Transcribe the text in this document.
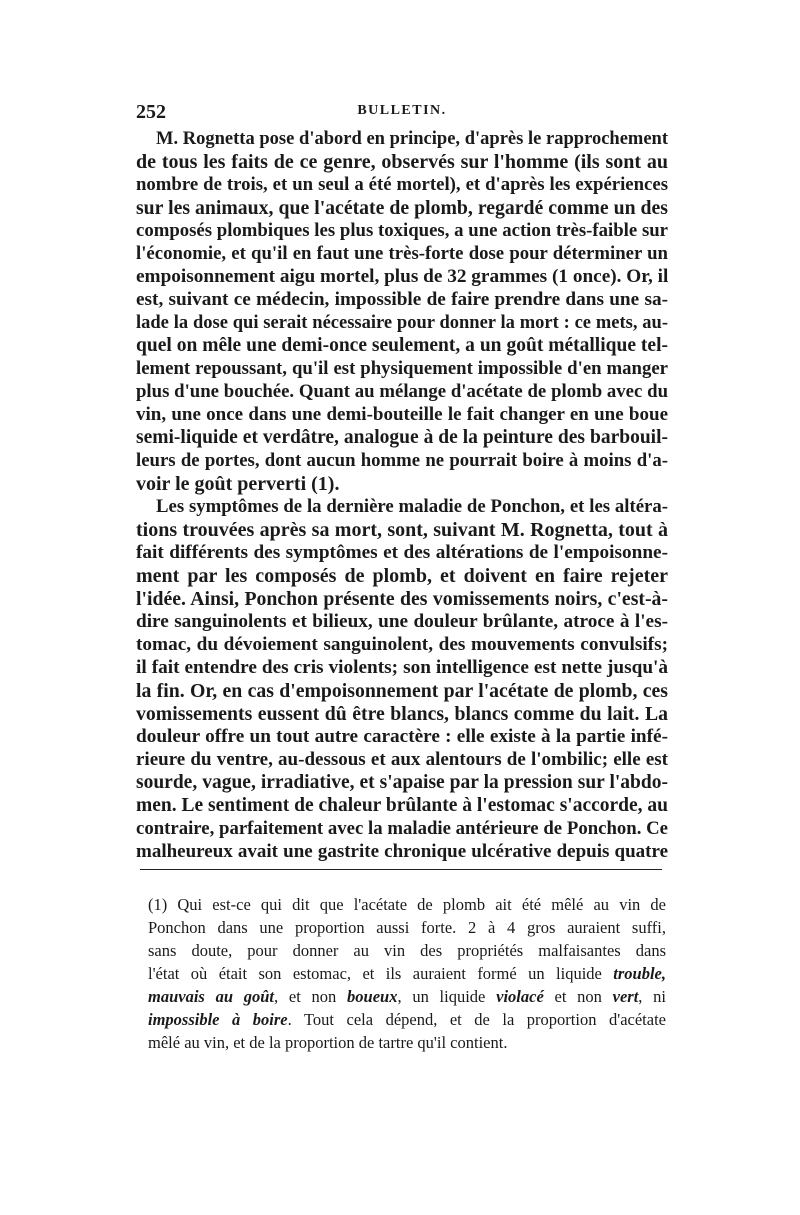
252	BULLETIN.
M. Rognetta pose d'abord en principe, d'après le rapprochement
de tous les faits de ce genre, observés sur l'homme (ils sont au
nombre de trois, et un seul a été mortel), et d'après les expériences
sur les animaux, que l'acétate de plomb, regardé comme un des
composés plombiques les plus toxiques, a une action très-faible sur
l'économie, et qu'il en faut une très-forte dose pour déterminer un
empoisonnement aigu mortel, plus de 32 grammes (1 once). Or, il
est, suivant ce médecin, impossible de faire prendre dans une sa-
lade la dose qui serait nécessaire pour donner la mort : ce mets, au-
quel on mêle une demi-once seulement, a un goût métallique tel-
lement repoussant, qu'il est physiquement impossible d'en manger
plus d'une bouchée. Quant au mélange d'acétate de plomb avec du
vin, une once dans une demi-bouteille le fait changer en une boue
semi-liquide et verdâtre, analogue à de la peinture des barbouil-
leurs de portes, dont aucun homme ne pourrait boire à moins d'a-
voir le goût perverti (1).
Les symptômes de la dernière maladie de Ponchon, et les altéra-
tions trouvées après sa mort, sont, suivant M. Rognetta, tout à
fait différents des symptômes et des altérations de l'empoisonne-
ment par les composés de plomb, et doivent en faire rejeter
l'idée. Ainsi, Ponchon présente des vomissements noirs, c'est-à-
dire sanguinolents et bilieux, une douleur brûlante, atroce à l'es-
tomac, du dévoiement sanguinolent, des mouvements convulsifs;
il fait entendre des cris violents; son intelligence est nette jusqu'à
la fin. Or, en cas d'empoisonnement par l'acétate de plomb, ces
vomissements eussent dû être blancs, blancs comme du lait. La
douleur offre un tout autre caractère : elle existe à la partie infé-
rieure du ventre, au-dessous et aux alentours de l'ombilic; elle est
sourde, vague, irradiative, et s'apaise par la pression sur l'abdo-
men. Le sentiment de chaleur brûlante à l'estomac s'accorde, au
contraire, parfaitement avec la maladie antérieure de Ponchon. Ce
malheureux avait une gastrite chronique ulcérative depuis quatre
(1) Qui est-ce qui dit que l'acétate de plomb ait été mêlé au vin de
Ponchon dans une proportion aussi forte. 2 à 4 gros auraient suffi,
sans doute, pour donner au vin des propriétés malfaisantes dans
l'état où était son estomac, et ils auraient formé un liquide trouble,
mauvais au goût, et non boueux, un liquide violacé et non vert, ni
impossible à boire. Tout cela dépend, et de la proportion d'acétate
mêlé au vin, et de la proportion de tartre qu'il contient.
